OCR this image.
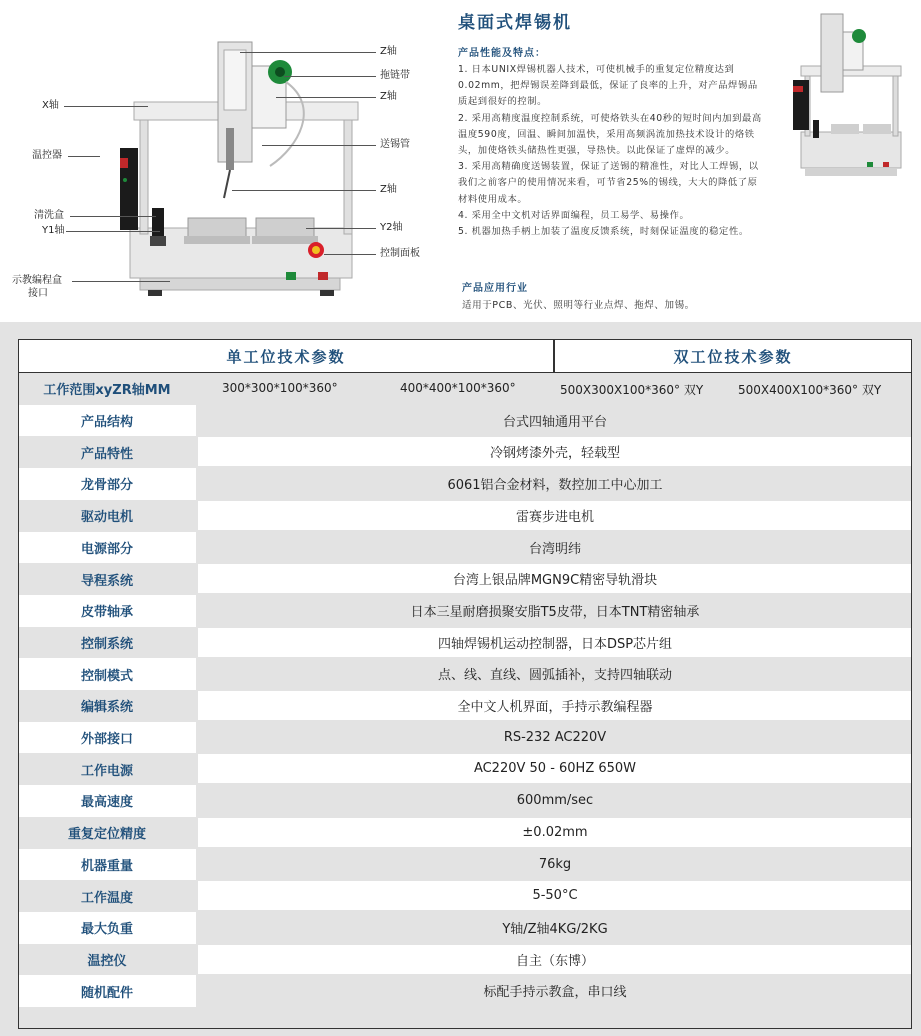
Z轴
拖链带
Z轴
送锡管
Z轴
Y2轴
控制面板
X轴
温控器
清洗盒
Y1轴
示教编程盒
接口
桌面式焊锡机
产品性能及特点：
1. 日本UNIX焊锡机器人技术，可使机械手的重复定位精度达到0.02mm，把焊锡误差降到最低，保证了良率的上升，对产品焊锡品质起到很好的控制。
2. 采用高精度温度控制系统，可使烙铁头在40秒的短时间内加到最高温度590度，回温、瞬间加温快，采用高频涡流加热技术设计的烙铁头，加使烙铁头储热性更强，导热快。以此保证了虚焊的减少。
3. 采用高精确度送锡装置，保证了送锡的精准性，对比人工焊锡，以我们之前客户的使用情况来看，可节省25%的锡线，大大的降低了原材料使用成本。
4. 采用全中文机对话界面编程，员工易学、易操作。
5. 机器加热手柄上加装了温度反馈系统，时刻保证温度的稳定性。
产品应用行业
适用于PCB、光伏、照明等行业点焊、拖焊、加锡。
单工位技术参数	双工位技术参数
工作范围xyZR轴MM	300*300*100*360°	400*400*100*360°	500X300X100*360° 双Y	500X400X100*360° 双Y
产品结构	台式四轴通用平台
产品特性	冷钢烤漆外壳，轻载型
龙骨部分	6061铝合金材料，数控加工中心加工
驱动电机	雷赛步进电机
电源部分	台湾明纬
导程系统	台湾上银品牌MGN9C精密导轨滑块
皮带轴承	日本三星耐磨损聚安脂T5皮带，日本TNT精密轴承
控制系统	四轴焊锡机运动控制器，日本DSP芯片组
控制模式	点、线、直线、圆弧插补，支持四轴联动
编辑系统	全中文人机界面，手持示教编程器
外部接口	RS-232 AC220V
工作电源	AC220V 50 - 60HZ 650W
最高速度	600mm/sec
重复定位精度	±0.02mm
机器重量	76kg
工作温度	5-50°C
最大负重	Y轴/Z轴4KG/2KG
温控仪	自主（东博）
随机配件	标配手持示教盒，串口线
